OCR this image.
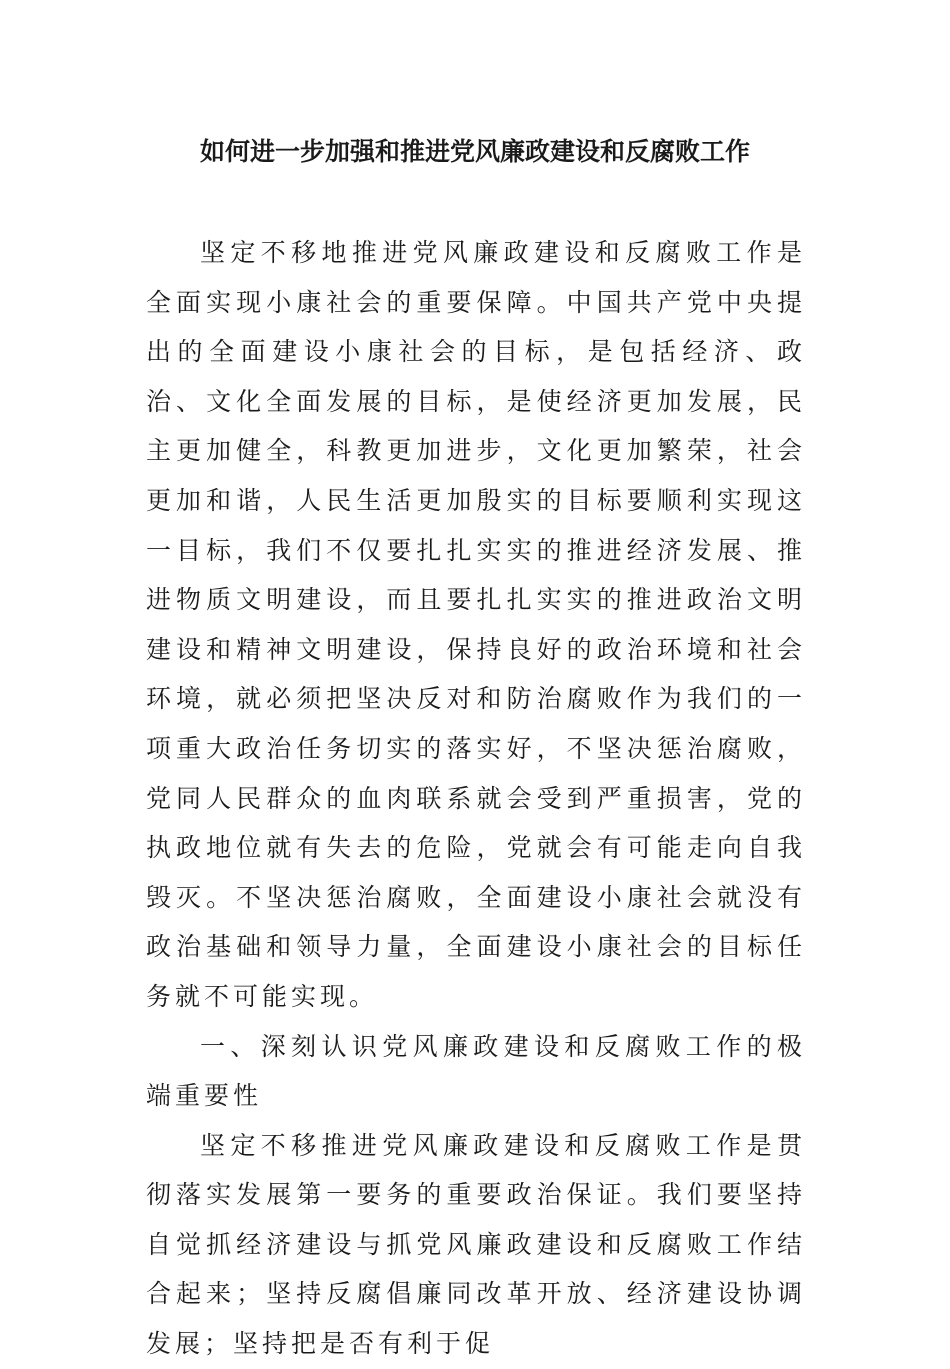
如何进一步加强和推进党风廉政建设和反腐败工作

坚定不移地推进党风廉政建设和反腐败工作是全面实现小康社会的重要保障。中国共产党中央提出的全面建设小康社会的目标，是包括经济、政治、文化全面发展的目标，是使经济更加发展，民主更加健全，科教更加进步，文化更加繁荣，社会更加和谐，人民生活更加殷实的目标要顺利实现这一目标，我们不仅要扎扎实实的推进经济发展、推进物质文明建设，而且要扎扎实实的推进政治文明建设和精神文明建设，保持良好的政治环境和社会环境，就必须把坚决反对和防治腐败作为我们的一项重大政治任务切实的落实好，不坚决惩治腐败，党同人民群众的血肉联系就会受到严重损害，党的执政地位就有失去的危险，党就会有可能走向自我毁灭。不坚决惩治腐败，全面建设小康社会就没有政治基础和领导力量，全面建设小康社会的目标任务就不可能实现。

一、深刻认识党风廉政建设和反腐败工作的极端重要性

坚定不移推进党风廉政建设和反腐败工作是贯彻落实发展第一要务的重要政治保证。我们要坚持自觉抓经济建设与抓党风廉政建设和反腐败工作结合起来；坚持反腐倡廉同改革开放、经济建设协调发展；坚持把是否有利于促
